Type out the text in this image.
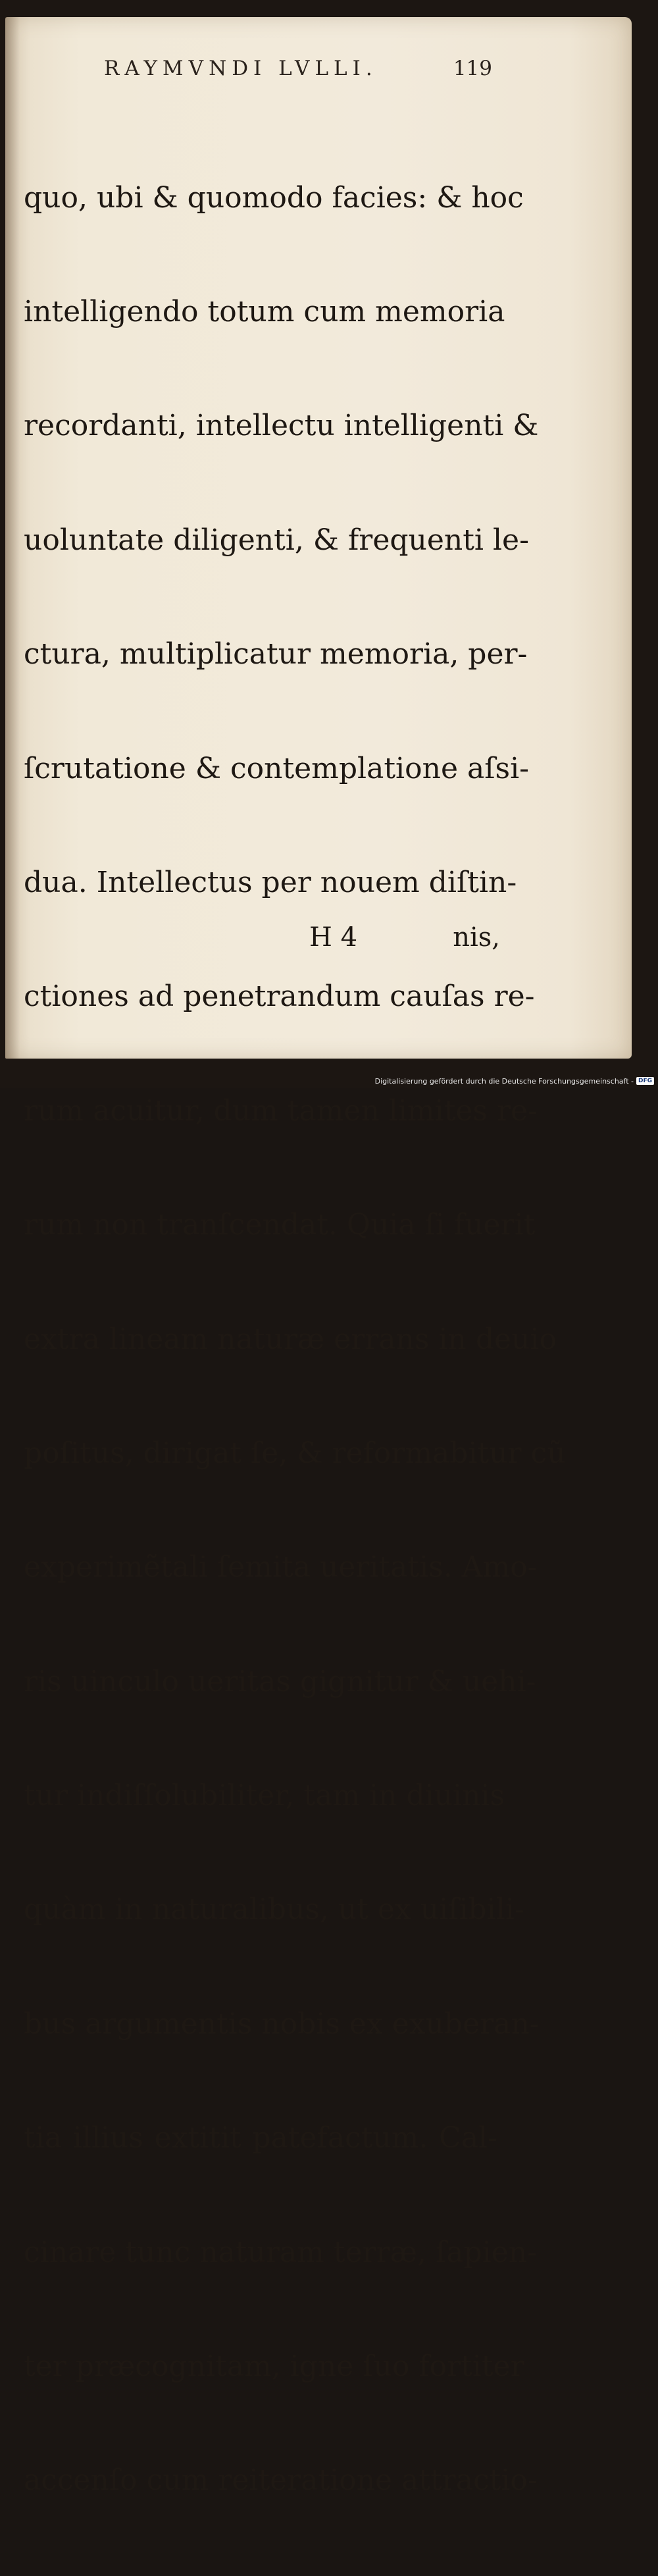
RAYMVNDI LVLLI.	119

quo, ubi & quomodo facies: & hoc

intelligendo totum cum memoria

recordanti, intellectu intelligenti &

uoluntate diligenti, & frequenti le-

ctura, multiplicatur memoria, per-

ſcrutatione & contemplatione aſsi-

dua. Intellectus per nouem diſtin-

ctiones ad penetrandum cauſas re-

rum acuitur, dum tamen limites re-

rum non tranſcendat. Quia ſi fuerit

extra lineam naturæ errans in deuio

poſitus, dirigat ſe, & reformabitur cũ

experimẽtali ſemita ueritatis. Amo-

ris uinculo ueritas gignitur & uehi-

tur indiſſolubiliter, tam in diuinis

quàm in naturalibus, ut ex uiſibili-

bus argumentis nobis ex exuberan-

tia illius extitit patefactum. Cal-

cinare tunc naturam terræ, ſapien-

ter præcognitam, igne ſuo fortiter

accenſo cum reiteratione attractio-

H 4	nis,
Digitalisierung gefördert durch die Deutsche Forschungsgemeinschaft - DFG
